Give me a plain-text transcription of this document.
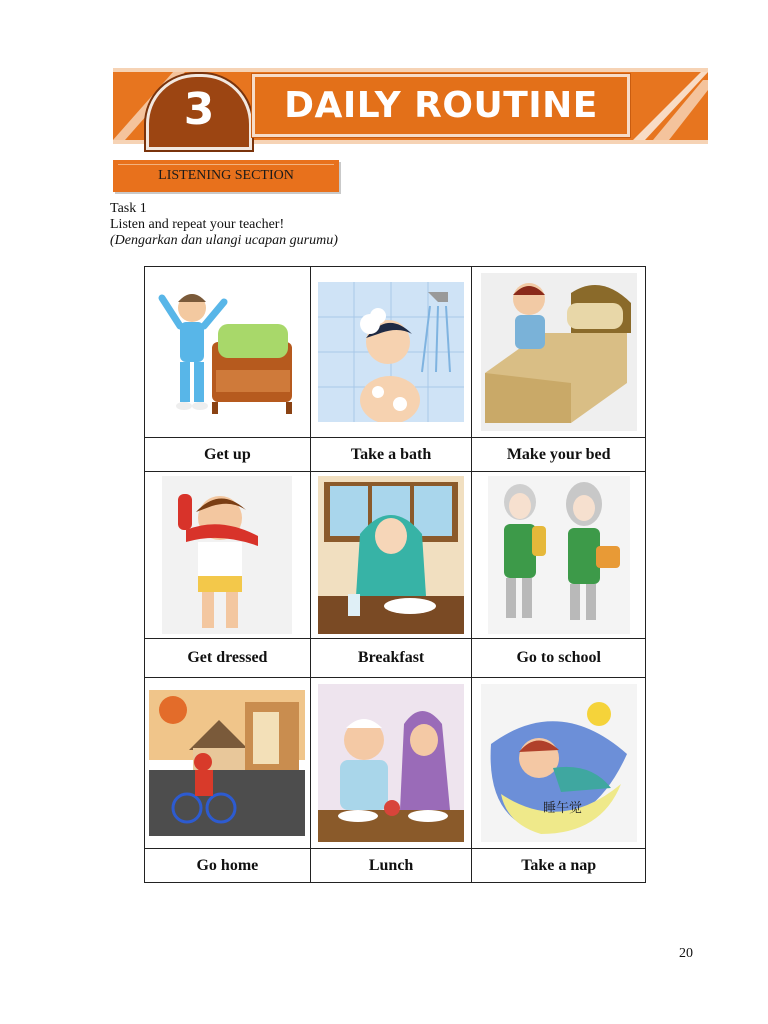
3	DAILY ROUTINE
LISTENING SECTION
Task 1
Listen and repeat your teacher!
(Dengarkan dan ulangi ucapan gurumu)

Get up	Take a bath	Make your bed

Get dressed	Breakfast	Go to school

睡午觉

Go home	Lunch	Take a nap
20
